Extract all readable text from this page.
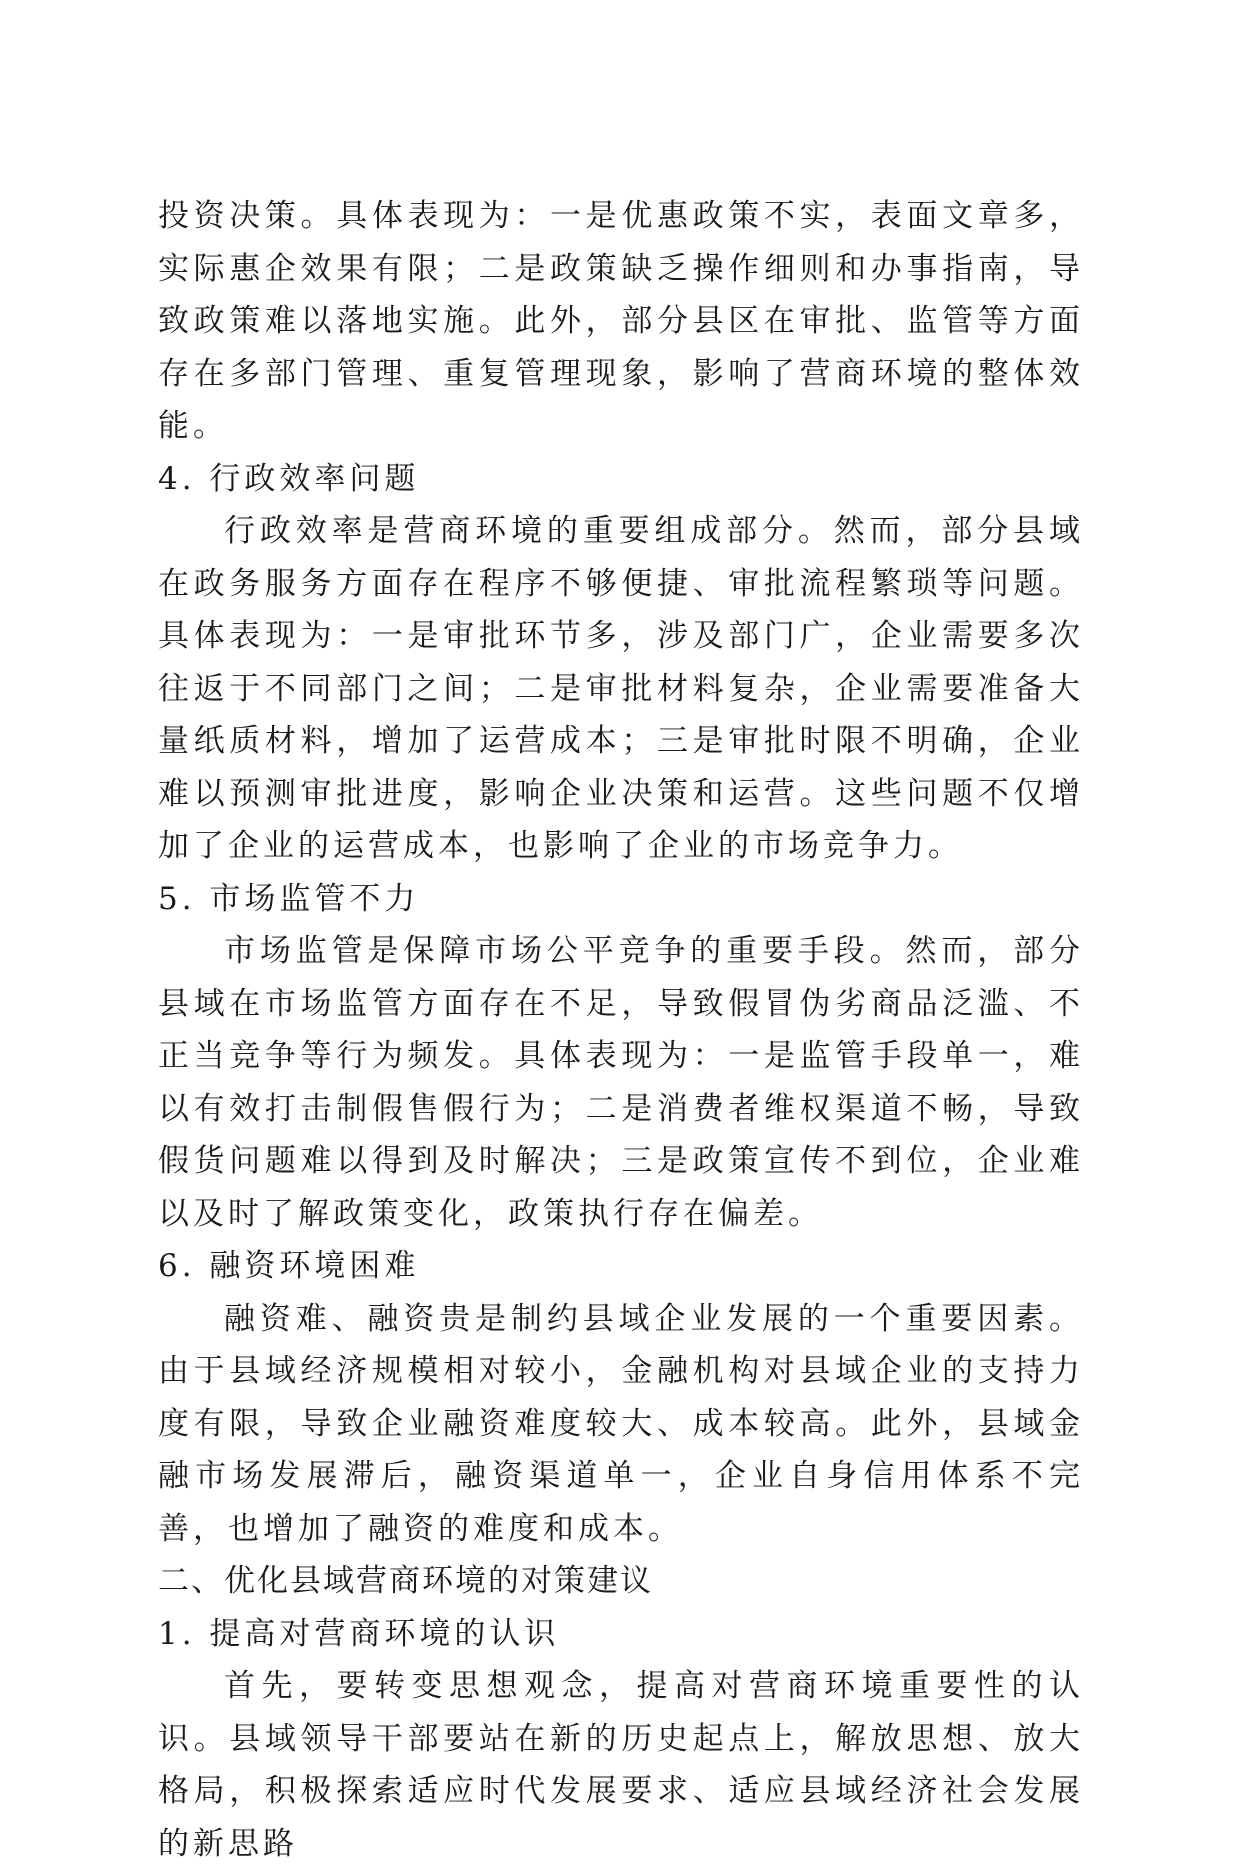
投资决策。具体表现为：一是优惠政策不实，表面文章多，实际惠企效果有限；二是政策缺乏操作细则和办事指南，导致政策难以落地实施。此外，部分县区在审批、监管等方面存在多部门管理、重复管理现象，影响了营商环境的整体效能。

4. 行政效率问题

行政效率是营商环境的重要组成部分。然而，部分县域在政务服务方面存在程序不够便捷、审批流程繁琐等问题。具体表现为：一是审批环节多，涉及部门广，企业需要多次往返于不同部门之间；二是审批材料复杂，企业需要准备大量纸质材料，增加了运营成本；三是审批时限不明确，企业难以预测审批进度，影响企业决策和运营。这些问题不仅增加了企业的运营成本，也影响了企业的市场竞争力。

5. 市场监管不力

市场监管是保障市场公平竞争的重要手段。然而，部分县域在市场监管方面存在不足，导致假冒伪劣商品泛滥、不正当竞争等行为频发。具体表现为：一是监管手段单一，难以有效打击制假售假行为；二是消费者维权渠道不畅，导致假货问题难以得到及时解决；三是政策宣传不到位，企业难以及时了解政策变化，政策执行存在偏差。

6. 融资环境困难

融资难、融资贵是制约县域企业发展的一个重要因素。由于县域经济规模相对较小，金融机构对县域企业的支持力度有限，导致企业融资难度较大、成本较高。此外，县域金融市场发展滞后，融资渠道单一，企业自身信用体系不完善，也增加了融资的难度和成本。

二、优化县域营商环境的对策建议

1. 提高对营商环境的认识

首先，要转变思想观念，提高对营商环境重要性的认识。县域领导干部要站在新的历史起点上，解放思想、放大格局，积极探索适应时代发展要求、适应县域经济社会发展的新思路
